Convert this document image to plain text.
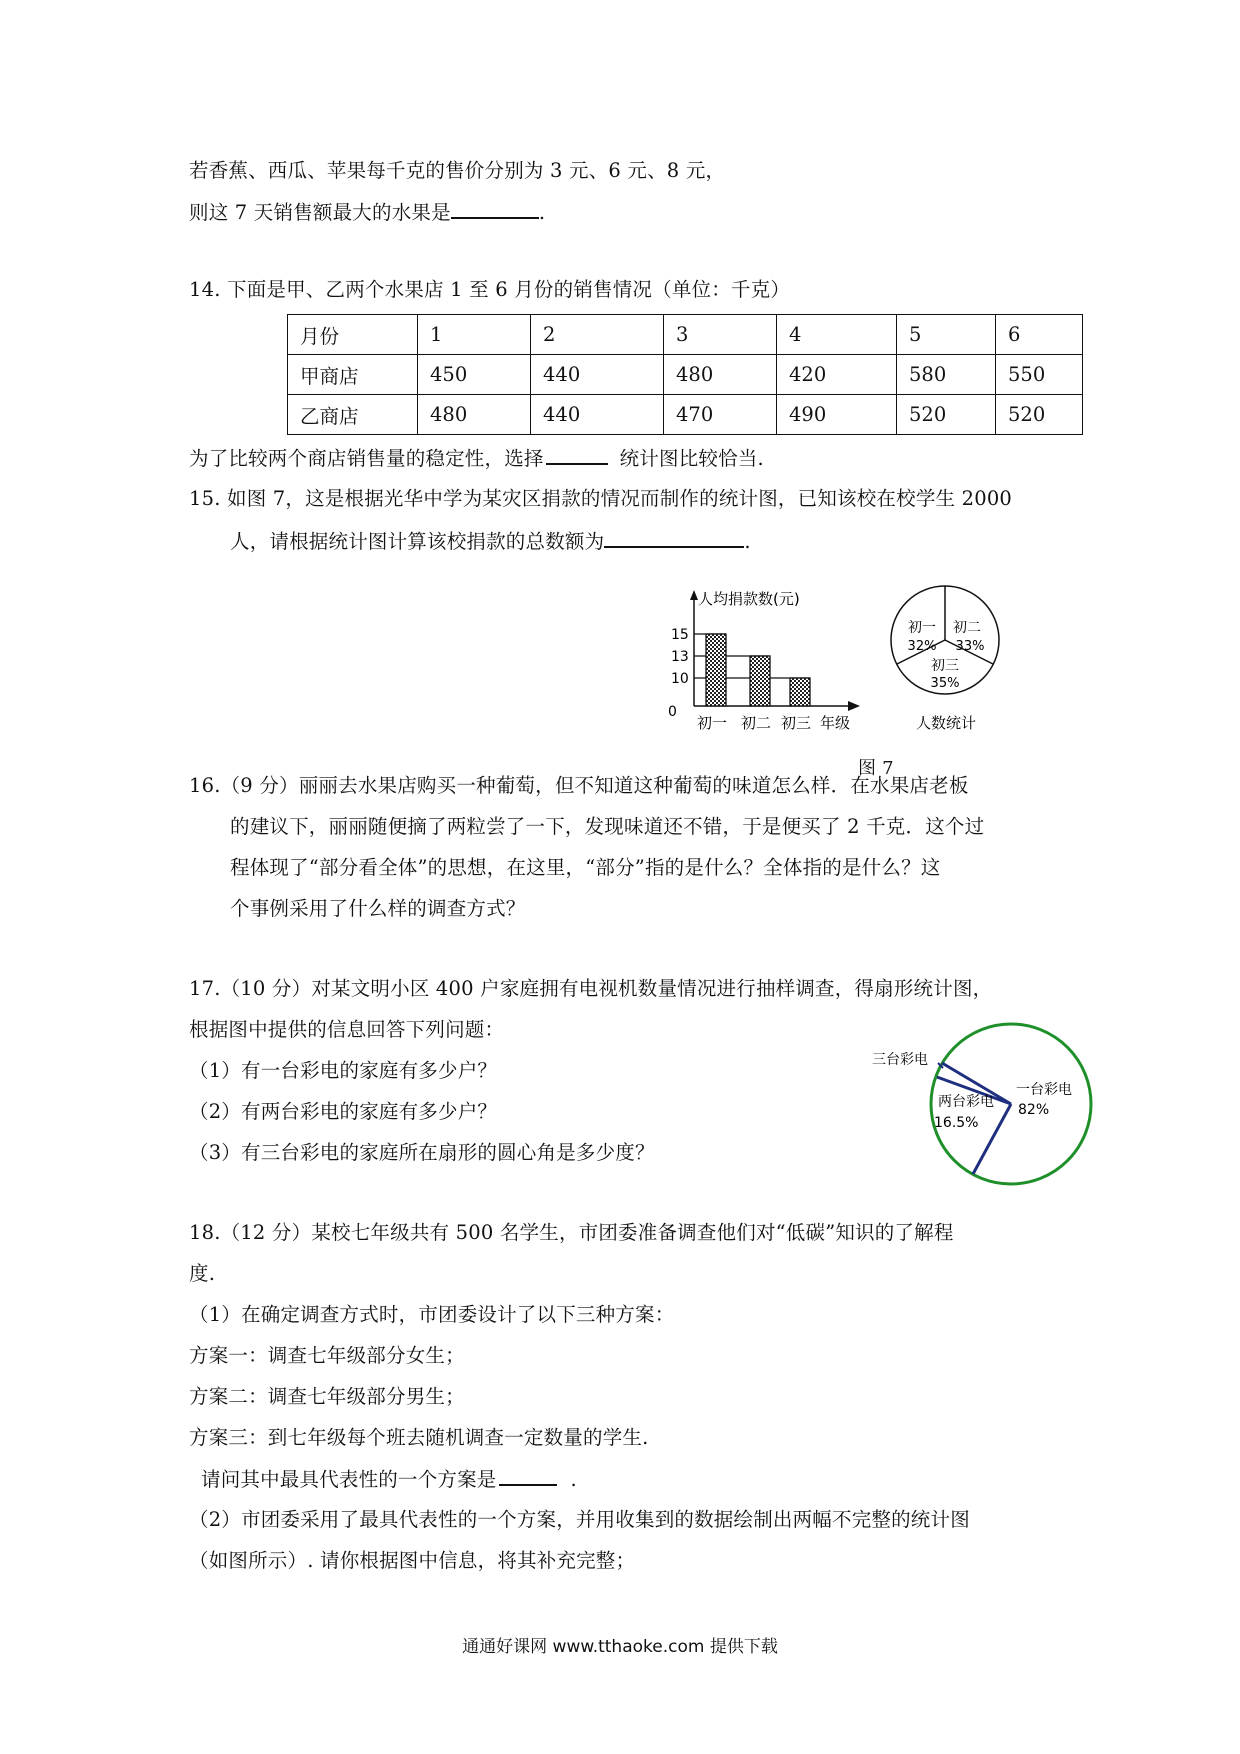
若香蕉、西瓜、苹果每千克的售价分别为 3 元、6 元、8 元，
则这 7 天销售额最大的水果是	.
14. 下面是甲、乙两个水果店 1 至 6 月份的销售情况（单位：千克）
月份	1	2	3	4	5	6
甲商店	450	440	480	420	580	550
乙商店	480	440	470	490	520	520
为了比较两个商店销售量的稳定性，选择	统计图比较恰当.
15. 如图 7，这是根据光华中学为某灾区捐款的情况而制作的统计图，已知该校在校学生 2000
人，请根据统计图计算该校捐款的总数额为	.
人均捐款数(元)
15
13
10
0
初一 初二 初三 年级
初一
32%
初二
33%
初三
35%
人数统计
图 7
16.（9 分）丽丽去水果店购买一种葡萄，但不知道这种葡萄的味道怎么样．在水果店老板
的建议下，丽丽随便摘了两粒尝了一下，发现味道还不错，于是便买了 2 千克．这个过
程体现了“部分看全体”的思想，在这里，“部分”指的是什么？全体指的是什么？这
个事例采用了什么样的调查方式？
17.（10 分）对某文明小区 400 户家庭拥有电视机数量情况进行抽样调查，得扇形统计图，
根据图中提供的信息回答下列问题：
（1）有一台彩电的家庭有多少户？
（2）有两台彩电的家庭有多少户？
（3）有三台彩电的家庭所在扇形的圆心角是多少度？
三台彩电
两台彩电
16.5%
一台彩电
82%
18.（12 分）某校七年级共有 500 名学生，市团委准备调查他们对“低碳”知识的了解程
度.
（1）在确定调查方式时，市团委设计了以下三种方案：
方案一：调查七年级部分女生；
方案二：调查七年级部分男生；
方案三：到七年级每个班去随机调查一定数量的学生.
请问其中最具代表性的一个方案是	.
（2）市团委采用了最具代表性的一个方案，并用收集到的数据绘制出两幅不完整的统计图
（如图所示）. 请你根据图中信息，将其补充完整；
通通好课网 www.tthaoke.com 提供下载
